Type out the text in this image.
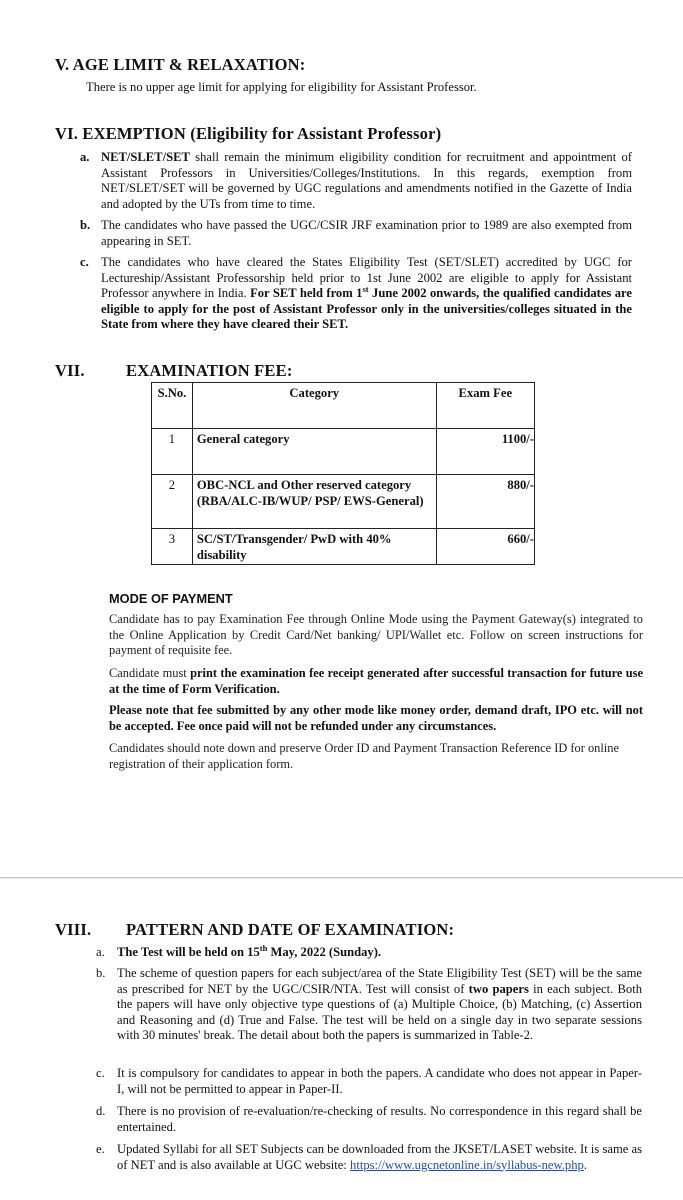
V. AGE LIMIT & RELAXATION:
There is no upper age limit for applying for eligibility for Assistant Professor.
VI. EXEMPTION (Eligibility for Assistant Professor)
a. NET/SLET/SET shall remain the minimum eligibility condition for recruitment and appointment of Assistant Professors in Universities/Colleges/Institutions. In this regards, exemption from NET/SLET/SET will be governed by UGC regulations and amendments notified in the Gazette of India and adopted by the UTs from time to time.
b. The candidates who have passed the UGC/CSIR JRF examination prior to 1989 are also exempted from appearing in SET.
c. The candidates who have cleared the States Eligibility Test (SET/SLET) accredited by UGC for Lectureship/Assistant Professorship held prior to 1st June 2002 are eligible to apply for Assistant Professor anywhere in India. For SET held from 1st June 2002 onwards, the qualified candidates are eligible to apply for the post of Assistant Professor only in the universities/colleges situated in the State from where they have cleared their SET.
VII.	EXAMINATION FEE:
S.No.	Category	Exam Fee
1	General category	1100/-
2	OBC-NCL and Other reserved category (RBA/ALC-IB/WUP/ PSP/ EWS-General)	880/-
3	SC/ST/Transgender/ PwD with 40% disability	660/-
MODE OF PAYMENT
Candidate has to pay Examination Fee through Online Mode using the Payment Gateway(s) integrated to the Online Application by Credit Card/Net banking/ UPI/Wallet etc. Follow on screen instructions for payment of requisite fee.
Candidate must print the examination fee receipt generated after successful transaction for future use at the time of Form Verification.
Please note that fee submitted by any other mode like money order, demand draft, IPO etc. will not be accepted. Fee once paid will not be refunded under any circumstances.
Candidates should note down and preserve Order ID and Payment Transaction Reference ID for online registration of their application form.
VIII. PATTERN AND DATE OF EXAMINATION:
a. The Test will be held on 15th May, 2022 (Sunday).
b. The scheme of question papers for each subject/area of the State Eligibility Test (SET) will be the same as prescribed for NET by the UGC/CSIR/NTA. Test will consist of two papers in each subject. Both the papers will have only objective type questions of (a) Multiple Choice, (b) Matching, (c) Assertion and Reasoning and (d) True and False. The test will be held on a single day in two separate sessions with 30 minutes' break. The detail about both the papers is summarized in Table-2.
c. It is compulsory for candidates to appear in both the papers. A candidate who does not appear in Paper-I, will not be permitted to appear in Paper-II.
d. There is no provision of re-evaluation/re-checking of results. No correspondence in this regard shall be entertained.
e. Updated Syllabi for all SET Subjects can be downloaded from the JKSET/LASET website. It is same as of NET and is also available at UGC website: https://www.ugcnetonline.in/syllabus-new.php.
